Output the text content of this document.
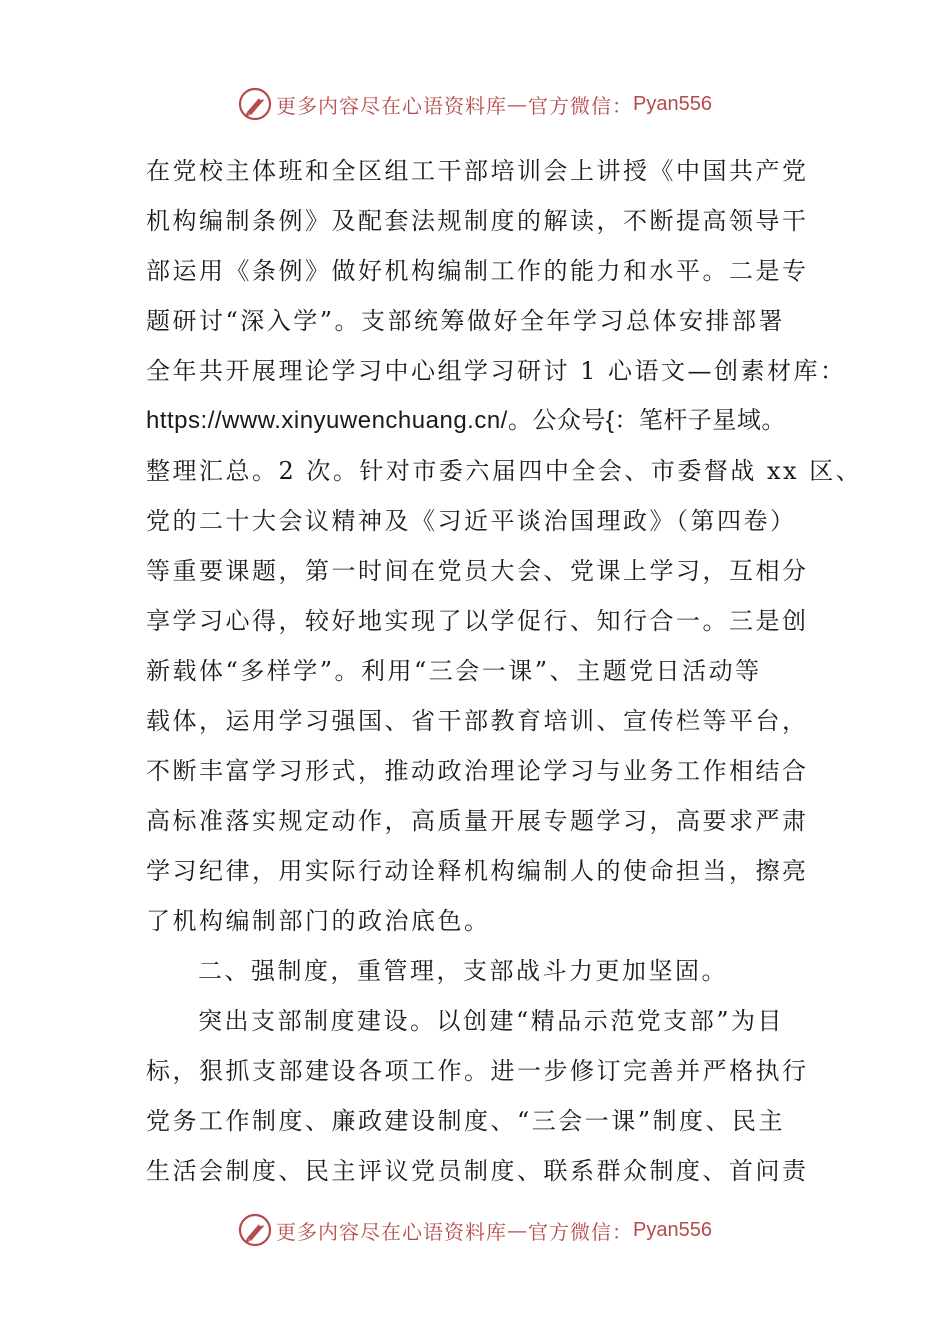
更多内容尽在心语资料库 — 官方微信： Pyan556
在党校主体班和全区组工干部培训会上讲授《中国共产党
机构编制条例》及配套法规制度的解读，不断提高领导干
部运用《条例》做好机构编制工作的能力和水平。二是专
题研讨“深入学”。支部统筹做好全年学习总体安排部署
全年共开展理论学习中心组学习研讨 1 心语文—创素材库：
https://www.xinyuwenchuang.cn/。公众号{：笔杆子星域。
整理汇总。2 次。针对市委六届四中全会、市委督战 xx 区、
党的二十大会议精神及《习近平谈治国理政》（第四卷）
等重要课题，第一时间在党员大会、党课上学习，互相分
享学习心得，较好地实现了以学促行、知行合一。三是创
新载体“多样学”。利用“三会一课”、主题党日活动等
载体，运用学习强国、省干部教育培训、宣传栏等平台，
不断丰富学习形式，推动政治理论学习与业务工作相结合
高标准落实规定动作，高质量开展专题学习，高要求严肃
学习纪律，用实际行动诠释机构编制人的使命担当，擦亮
了机构编制部门的政治底色。
二、强制度，重管理，支部战斗力更加坚固。
突出支部制度建设。以创建“精品示范党支部”为目
标，狠抓支部建设各项工作。进一步修订完善并严格执行
党务工作制度、廉政建设制度、“三会一课”制度、民主
生活会制度、民主评议党员制度、联系群众制度、首问责
更多内容尽在心语资料库 — 官方微信： Pyan556
